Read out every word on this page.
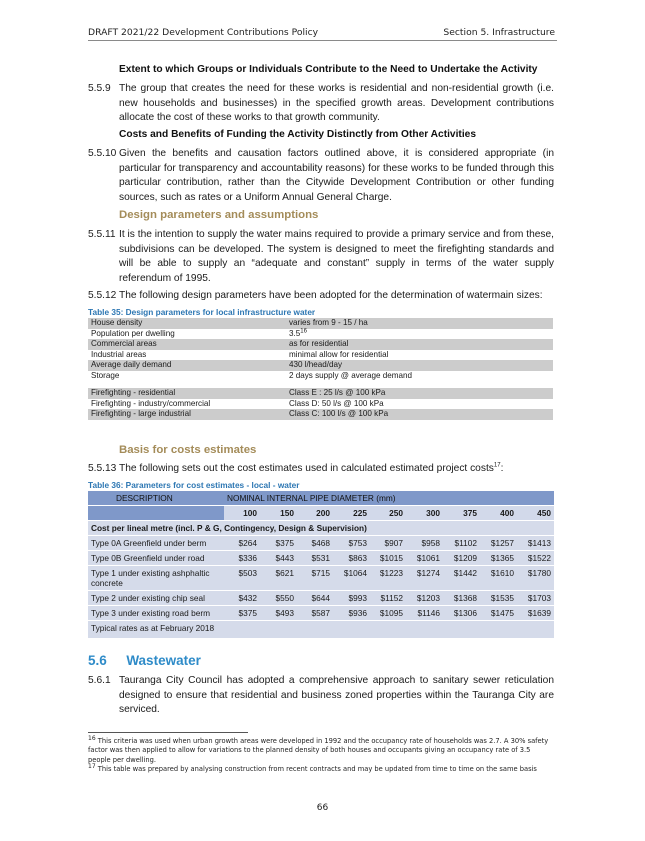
DRAFT 2021/22 Development Contributions Policy	Section 5. Infrastructure
Extent to which Groups or Individuals Contribute to the Need to Undertake the Activity
5.5.9 The group that creates the need for these works is residential and non-residential growth (i.e. new households and businesses) in the specified growth areas. Development contributions allocate the cost of these works to that growth community.
Costs and Benefits of Funding the Activity Distinctly from Other Activities
5.5.10 Given the benefits and causation factors outlined above, it is considered appropriate (in particular for transparency and accountability reasons) for these works to be funded through this particular contribution, rather than the Citywide Development Contribution or other funding sources, such as rates or a Uniform Annual General Charge.
Design parameters and assumptions
5.5.11 It is the intention to supply the water mains required to provide a primary service and from these, subdivisions can be developed. The system is designed to meet the firefighting standards and will be able to supply an “adequate and constant” supply in terms of the water supply referendum of 1995.
5.5.12 The following design parameters have been adopted for the determination of watermain sizes:
Table 35: Design parameters for local infrastructure water
House density	varies from 9 - 15 / ha
Population per dwelling	$3.5^{16}$
Commercial areas	as for residential
Industrial areas	minimal allow for residential
Average daily demand	430 l/head/day
Storage	2 days supply @ average demand

Firefighting - residential	Class E : 25 l/s @ 100 kPa
Firefighting - industry/commercial	Class D: 50 l/s @ 100 kPa
Firefighting - large industrial	Class C: 100 l/s @ 100 kPa
Basis for costs estimates
5.5.13 The following sets out the cost estimates used in calculated estimated project costs$^{17}$:
Table 36: Parameters for cost estimates - local - water
	DESCRIPTION	NOMINAL INTERNAL PIPE DIAMETER (mm)								
		100	150	200	225	250	300	375	400	450
Cost per lineal metre (incl. P & G, Contingency, Design & Supervision)										
Type 0A Greenfield under berm		$264	$375	$468	$753	$907	$958	$1102	$1257	$1413
Type 0B Greenfield under road		$336	$443	$531	$863	$1015	$1061	$1209	$1365	$1522
Type 1 under existing ashphaltic concrete		$503	$621	$715	$1064	$1223	$1274	$1442	$1610	$1780
Type 2 under existing chip seal		$432	$550	$644	$993	$1152	$1203	$1368	$1535	$1703
Type 3 under existing road berm		$375	$493	$587	$936	$1095	$1146	$1306	$1475	$1639
Typical rates as at February 2018										
5.6 Wastewater
5.6.1 Tauranga City Council has adopted a comprehensive approach to sanitary sewer reticulation designed to ensure that residential and business zoned properties within the Tauranga City are serviced.
$^{16}$ This criteria was used when urban growth areas were developed in 1992 and the occupancy rate of households was 2.7. A 30% safety factor was then applied to allow for variations to the planned density of both houses and occupants giving an occupancy rate of 3.5 people per dwelling.
$^{17}$ This table was prepared by analysing construction from recent contracts and may be updated from time to time on the same basis
66
